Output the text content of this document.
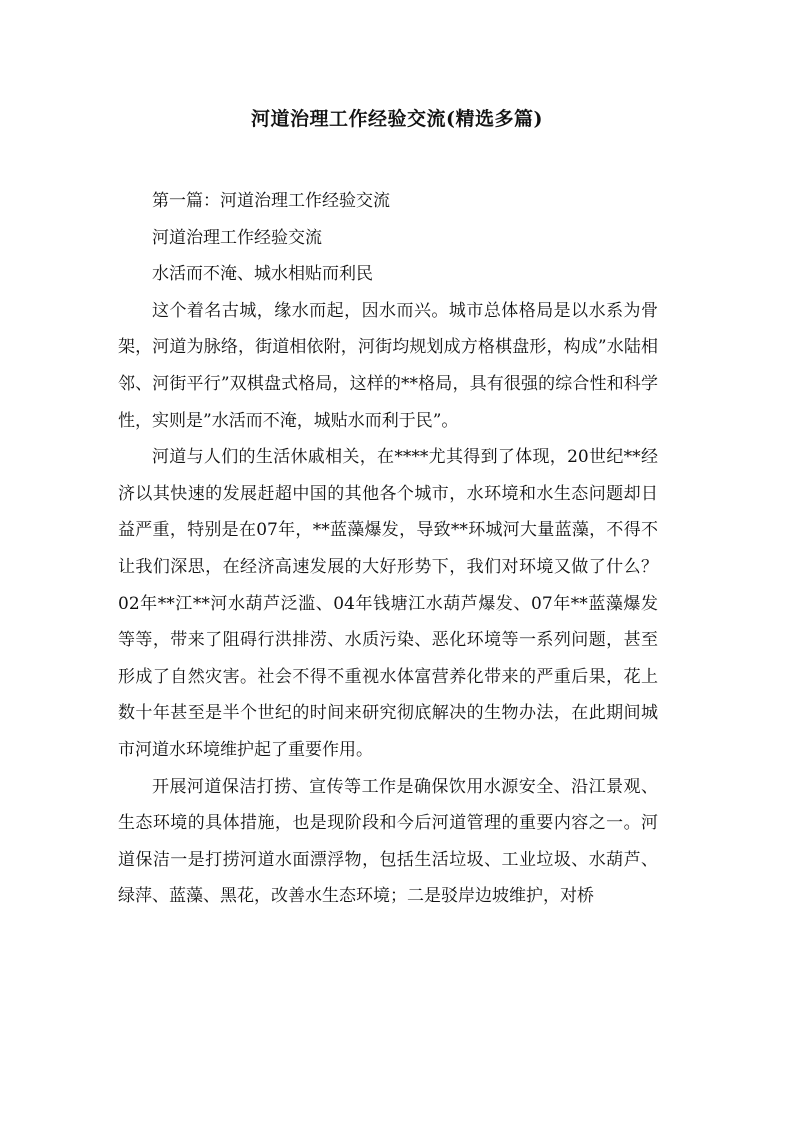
河道治理工作经验交流(精选多篇)

第一篇：河道治理工作经验交流

河道治理工作经验交流

水活而不淹、城水相贴而利民

这个着名古城，缘水而起，因水而兴。城市总体格局是以水系为骨架，河道为脉络，街道相依附，河街均规划成方格棋盘形，构成”水陆相邻、河街平行”双棋盘式格局，这样的**格局，具有很强的综合性和科学性，实则是”水活而不淹，城贴水而利于民”。

河道与人们的生活休戚相关，在****尤其得到了体现，20世纪**经济以其快速的发展赶超中国的其他各个城市，水环境和水生态问题却日益严重，特别是在07年，**蓝藻爆发，导致**环城河大量蓝藻，不得不让我们深思，在经济高速发展的大好形势下，我们对环境又做了什么？02年**江**河水葫芦泛滥、04年钱塘江水葫芦爆发、07年**蓝藻爆发等等，带来了阻碍行洪排涝、水质污染、恶化环境等一系列问题，甚至形成了自然灾害。社会不得不重视水体富营养化带来的严重后果，花上数十年甚至是半个世纪的时间来研究彻底解决的生物办法，在此期间城市河道水环境维护起了重要作用。

开展河道保洁打捞、宣传等工作是确保饮用水源安全、沿江景观、生态环境的具体措施，也是现阶段和今后河道管理的重要内容之一。河道保洁一是打捞河道水面漂浮物，包括生活垃圾、工业垃圾、水葫芦、绿萍、蓝藻、黑花，改善水生态环境；二是驳岸边坡维护，对桥
